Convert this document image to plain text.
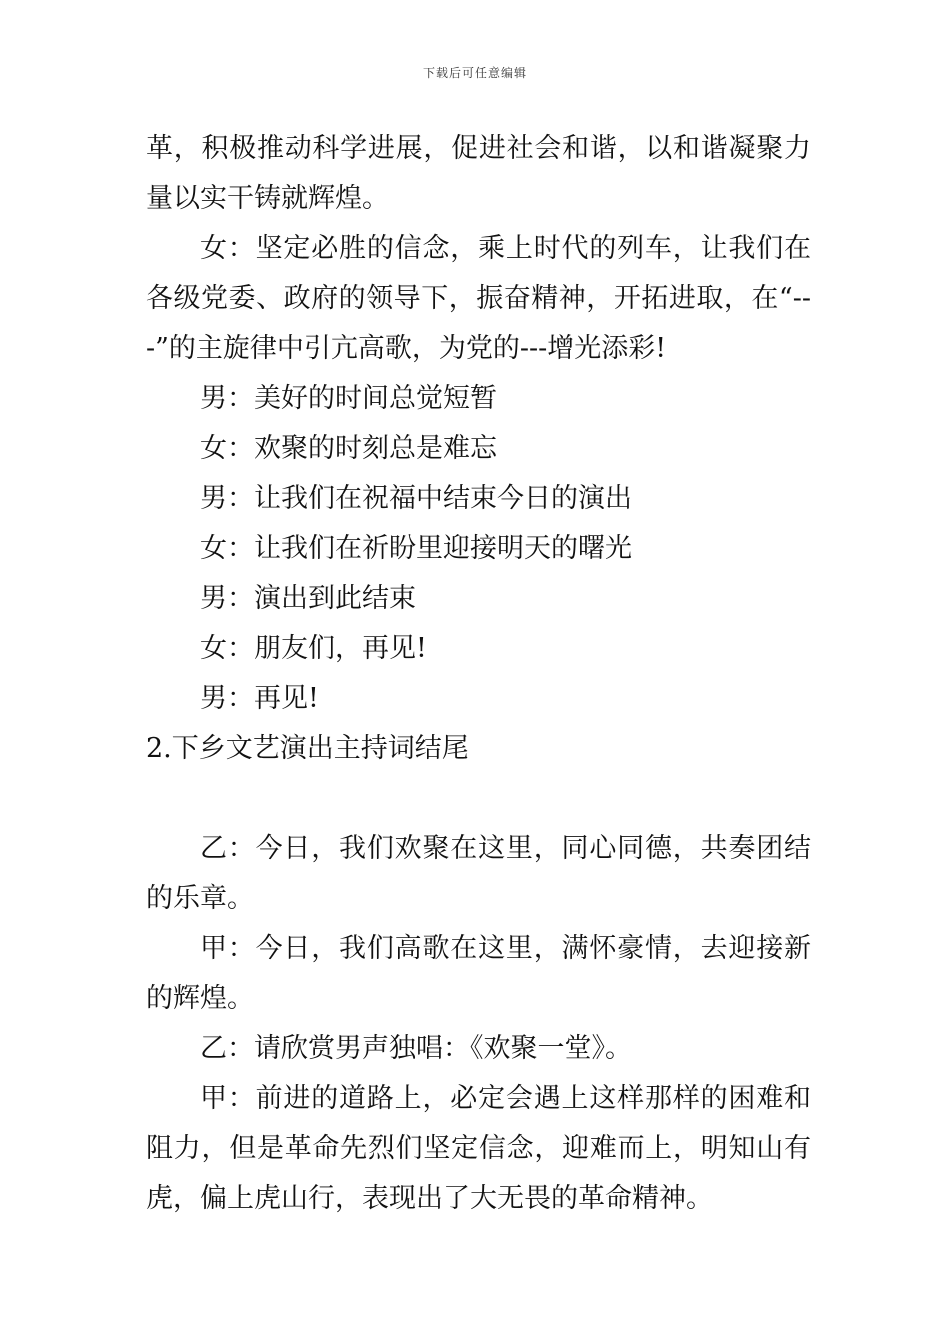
下载后可任意编辑

革，积极推动科学进展，促进社会和谐，以和谐凝聚力量以实干铸就辉煌。

女：坚定必胜的信念，乘上时代的列车，让我们在各级党委、政府的领导下，振奋精神，开拓进取，在“---”的主旋律中引亢高歌，为党的---增光添彩!

男：美好的时间总觉短暂

女：欢聚的时刻总是难忘

男：让我们在祝福中结束今日的演出

女：让我们在祈盼里迎接明天的曙光

男：演出到此结束

女：朋友们，再见!

男：再见!

2.下乡文艺演出主持词结尾

乙：今日，我们欢聚在这里，同心同德，共奏团结的乐章。

甲：今日，我们高歌在这里，满怀豪情，去迎接新的辉煌。

乙：请欣赏男声独唱：《欢聚一堂》。

甲：前进的道路上，必定会遇上这样那样的困难和阻力，但是革命先烈们坚定信念，迎难而上，明知山有虎，偏上虎山行，表现出了大无畏的革命精神。
